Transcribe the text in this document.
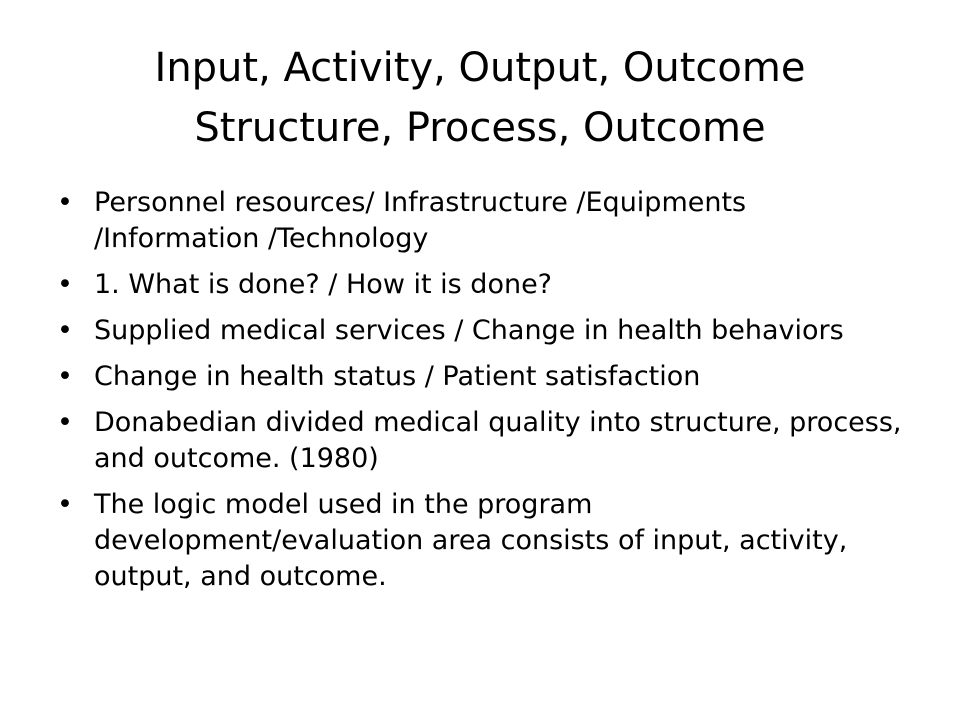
Input, Activity, Output, Outcome
Structure, Process, Outcome
• Personnel resources/ Infrastructure /Equipments /Information /Technology
• 1. What is done? / How it is done?
• Supplied medical services / Change in health behaviors
• Change in health status / Patient satisfaction
• Donabedian divided medical quality into structure, process, and outcome. (1980)
• The logic model used in the program development/evaluation area consists of input, activity, output, and outcome.
